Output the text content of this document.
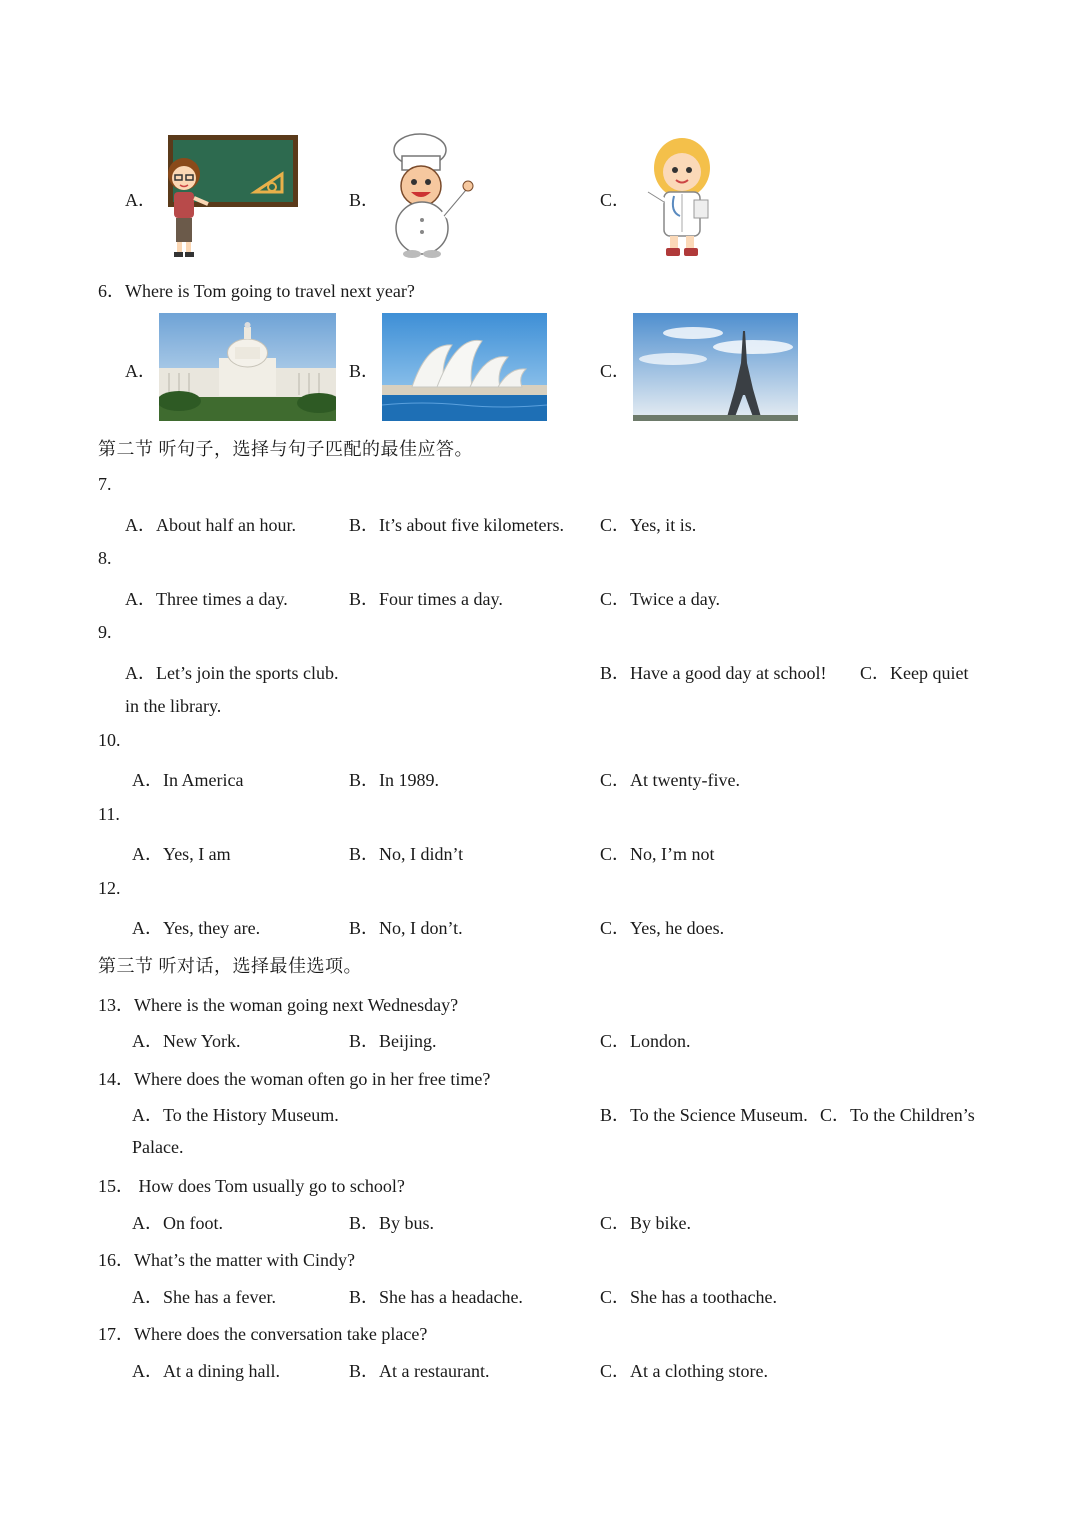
A．	B．	C．
6．Where is Tom going to travel next year?
A．	B．	C．
第二节 听句子，选择与句子匹配的最佳应答。
7.
A．About half an hour.	B．It’s about five kilometers. C．Yes, it is.
8.
A．Three times a day.	B．Four times a day.	C．Twice a day.
9.
A．Let’s join the sports club.	B．Have a good day at school! C．Keep quiet
in the library.
10.
A．In America	B．In 1989.	C．At twenty-five.
11.
A．Yes, I am	B．No, I didn’t	C．No, I’m not
12.
A．Yes, they are.	B．No, I don’t.	C．Yes, he does.
第三节 听对话，选择最佳选项。
13．Where is the woman going next Wednesday?
A．New York.	B．Beijing.	C．London.
14．Where does the woman often go in her free time?
A．To the History Museum.	B．To the Science Museum. C．To the Children’s
Palace.
15． How does Tom usually go to school?
A．On foot.	B．By bus.	C．By bike.
16．What’s the matter with Cindy?
A．She has a fever.	B．She has a headache.	C．She has a toothache.
17．Where does the conversation take place?
A．At a dining hall.	B．At a restaurant.	C．At a clothing store.
